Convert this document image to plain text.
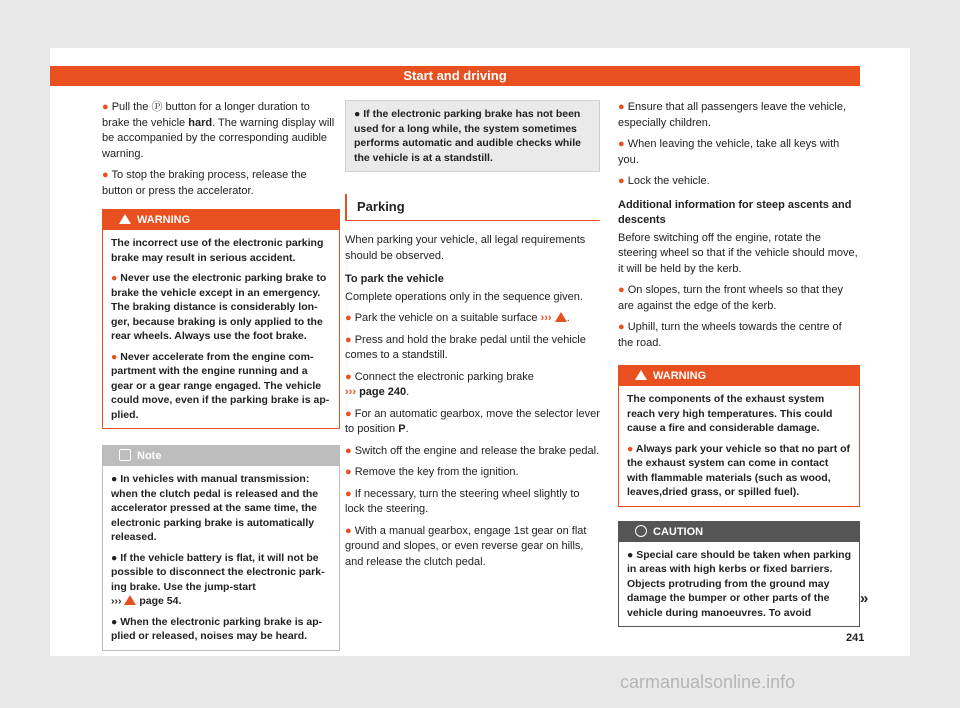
Start and driving

● Pull the Ⓟ button for a longer duration to brake the vehicle hard. The warning display will be accompanied by the corresponding audible warning.

● To stop the braking process, release the button or press the accelerator.

WARNING

The incorrect use of the electronic parking brake may result in serious accident.

● Never use the electronic parking brake to brake the vehicle except in an emergency. The braking distance is considerably longer, because braking is only applied to the rear wheels. Always use the foot brake.

● Never accelerate from the engine compartment with the engine running and a gear or a gear range engaged. The vehicle could move, even if the parking brake is applied.

Note

● In vehicles with manual transmission: when the clutch pedal is released and the accelerator pressed at the same time, the electronic parking brake is automatically released.

● If the vehicle battery is flat, it will not be possible to disconnect the electronic parking brake. Use the jump-start
››› page 54.

● When the electronic parking brake is applied or released, noises may be heard.

● If the electronic parking brake has not been used for a long while, the system sometimes performs automatic and audible checks while the vehicle is at a standstill.
Parking

When parking your vehicle, all legal requirements should be observed.

To park the vehicle

Complete operations only in the sequence given.

● Park the vehicle on a suitable surface ››› .

● Press and hold the brake pedal until the vehicle comes to a standstill.

● Connect the electronic parking brake
››› page 240.

● For an automatic gearbox, move the selector lever to position P.

● Switch off the engine and release the brake pedal.

● Remove the key from the ignition.

● If necessary, turn the steering wheel slightly to lock the steering.

● With a manual gearbox, engage 1st gear on flat ground and slopes, or even reverse gear on hills, and release the clutch pedal.

● Ensure that all passengers leave the vehicle, especially children.

● When leaving the vehicle, take all keys with you.

● Lock the vehicle.

Additional information for steep ascents and descents

Before switching off the engine, rotate the steering wheel so that if the vehicle should move, it will be held by the kerb.

● On slopes, turn the front wheels so that they are against the edge of the kerb.

● Uphill, turn the wheels towards the centre of the road.

WARNING

The components of the exhaust system reach very high temperatures. This could cause a fire and considerable damage.

● Always park your vehicle so that no part of the exhaust system can come in contact with flammable materials (such as wood, leaves,dried grass, or spilled fuel).

CAUTION

● Special care should be taken when parking in areas with high kerbs or fixed barriers. Objects protruding from the ground may damage the bumper or other parts of the vehicle during manoeuvres. To avoid

»
241
carmanualsonline.info
